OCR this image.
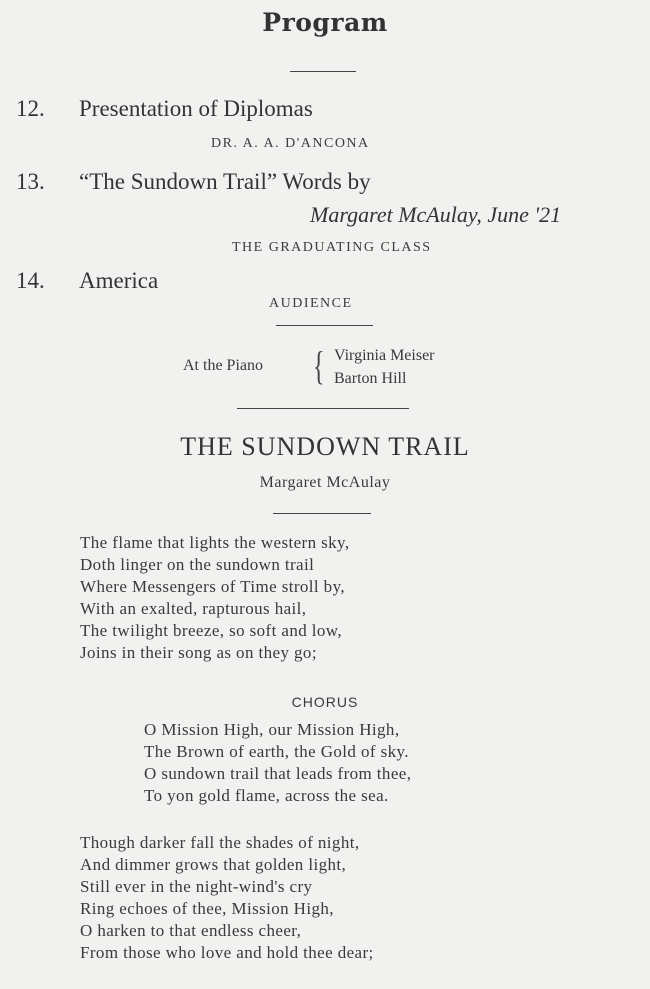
Program
12. Presentation of Diplomas
DR. A. A. D'ANCONA
13. “The Sundown Trail” Words by
Margaret McAulay, June '21
THE GRADUATING CLASS
14. America
AUDIENCE
At the Piano { Virginia Meiser
Barton Hill
THE SUNDOWN TRAIL
Margaret McAulay
The flame that lights the western sky,
Doth linger on the sundown trail
Where Messengers of Time stroll by,
With an exalted, rapturous hail,
The twilight breeze, so soft and low,
Joins in their song as on they go;
CHORUS
O Mission High, our Mission High,
The Brown of earth, the Gold of sky.
O sundown trail that leads from thee,
To yon gold flame, across the sea.
Though darker fall the shades of night,
And dimmer grows that golden light,
Still ever in the night-wind's cry
Ring echoes of thee, Mission High,
O harken to that endless cheer,
From those who love and hold thee dear;
